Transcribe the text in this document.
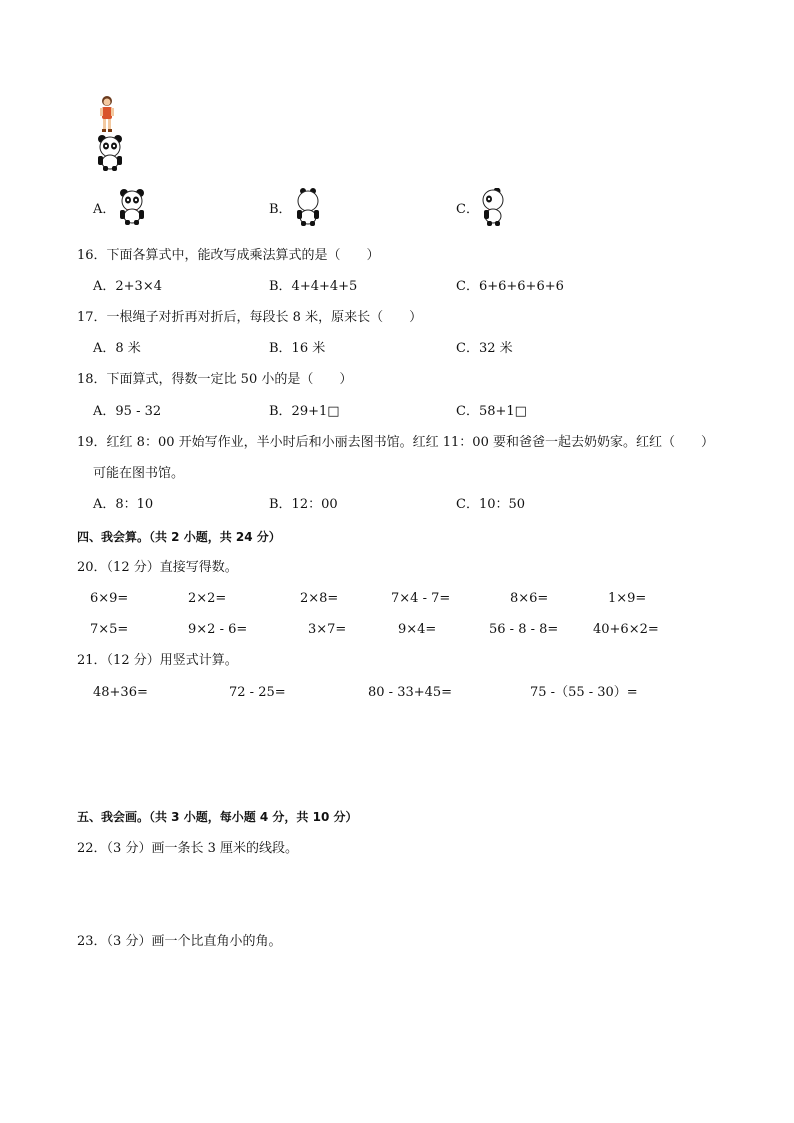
A．	B．	C．
16．下面各算式中，能改写成乘法算式的是（　　）
A．2+3×4	B．4+4+4+5	C．6+6+6+6+6
17．一根绳子对折再对折后，每段长 8 米，原来长（　　）
A．8 米	B．16 米	C．32 米
18．下面算式，得数一定比 50 小的是（　　）
A．95 - 32	B．29+1□	C．58+1□
19．红红 8：00 开始写作业，半小时后和小丽去图书馆。红红 11：00 要和爸爸一起去奶奶家。红红（　　）
可能在图书馆。
A．8：10	B．12：00	C．10：50
四、我会算。（共 2 小题，共 24 分）
20．（12 分）直接写得数。
6×9=	2×2=	2×8=	7×4 - 7=	8×6=	1×9=
7×5=	9×2 - 6=	3×7=	9×4=	56 - 8 - 8=	40+6×2=
21．（12 分）用竖式计算。
48+36=	72 - 25=	80 - 33+45=	75 -（55 - 30）=
五、我会画。（共 3 小题，每小题 4 分，共 10 分）
22．（3 分）画一条长 3 厘米的线段。
23．（3 分）画一个比直角小的角。
